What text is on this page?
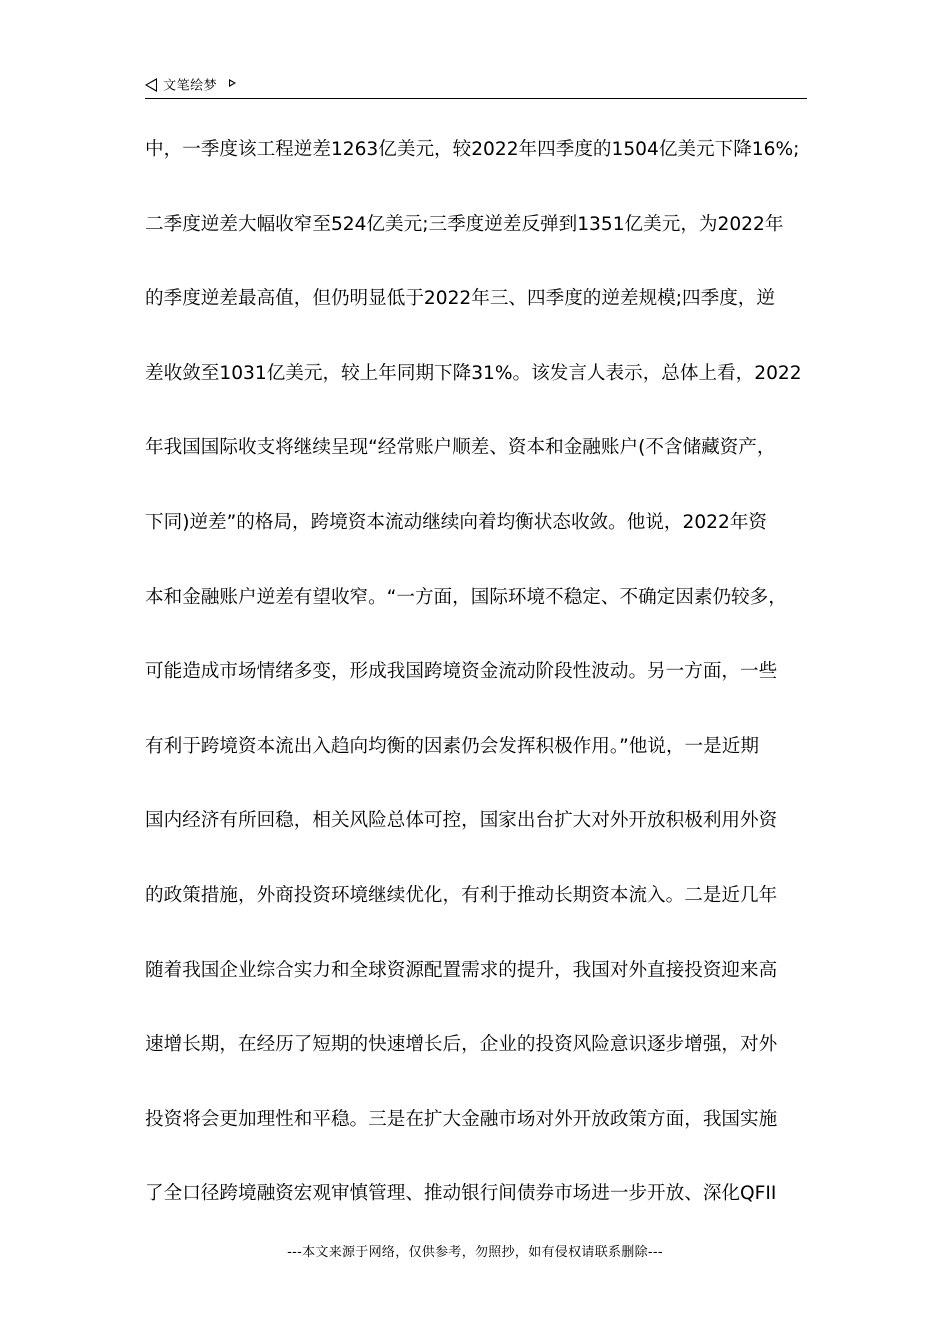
文笔绘梦
中，一季度该工程逆差1263亿美元，较2022年四季度的1504亿美元下降16%;
二季度逆差大幅收窄至524亿美元;三季度逆差反弹到1351亿美元，为2022年
的季度逆差最高值，但仍明显低于2022年三、四季度的逆差规模;四季度，逆
差收敛至1031亿美元，较上年同期下降31%。该发言人表示，总体上看，2022
年我国国际收支将继续呈现“经常账户顺差、资本和金融账户(不含储藏资产，
下同)逆差”的格局，跨境资本流动继续向着均衡状态收敛。他说，2022年资
本和金融账户逆差有望收窄。“一方面，国际环境不稳定、不确定因素仍较多，
可能造成市场情绪多变，形成我国跨境资金流动阶段性波动。另一方面，一些
有利于跨境资本流出入趋向均衡的因素仍会发挥积极作用。”他说，一是近期
国内经济有所回稳，相关风险总体可控，国家出台扩大对外开放积极利用外资
的政策措施，外商投资环境继续优化，有利于推动长期资本流入。二是近几年
随着我国企业综合实力和全球资源配置需求的提升，我国对外直接投资迎来高
速增长期，在经历了短期的快速增长后，企业的投资风险意识逐步增强，对外
投资将会更加理性和平稳。三是在扩大金融市场对外开放政策方面，我国实施
了全口径跨境融资宏观审慎管理、推动银行间债券市场进一步开放、深化QFII
---本文来源于网络，仅供参考，勿照抄，如有侵权请联系删除---
